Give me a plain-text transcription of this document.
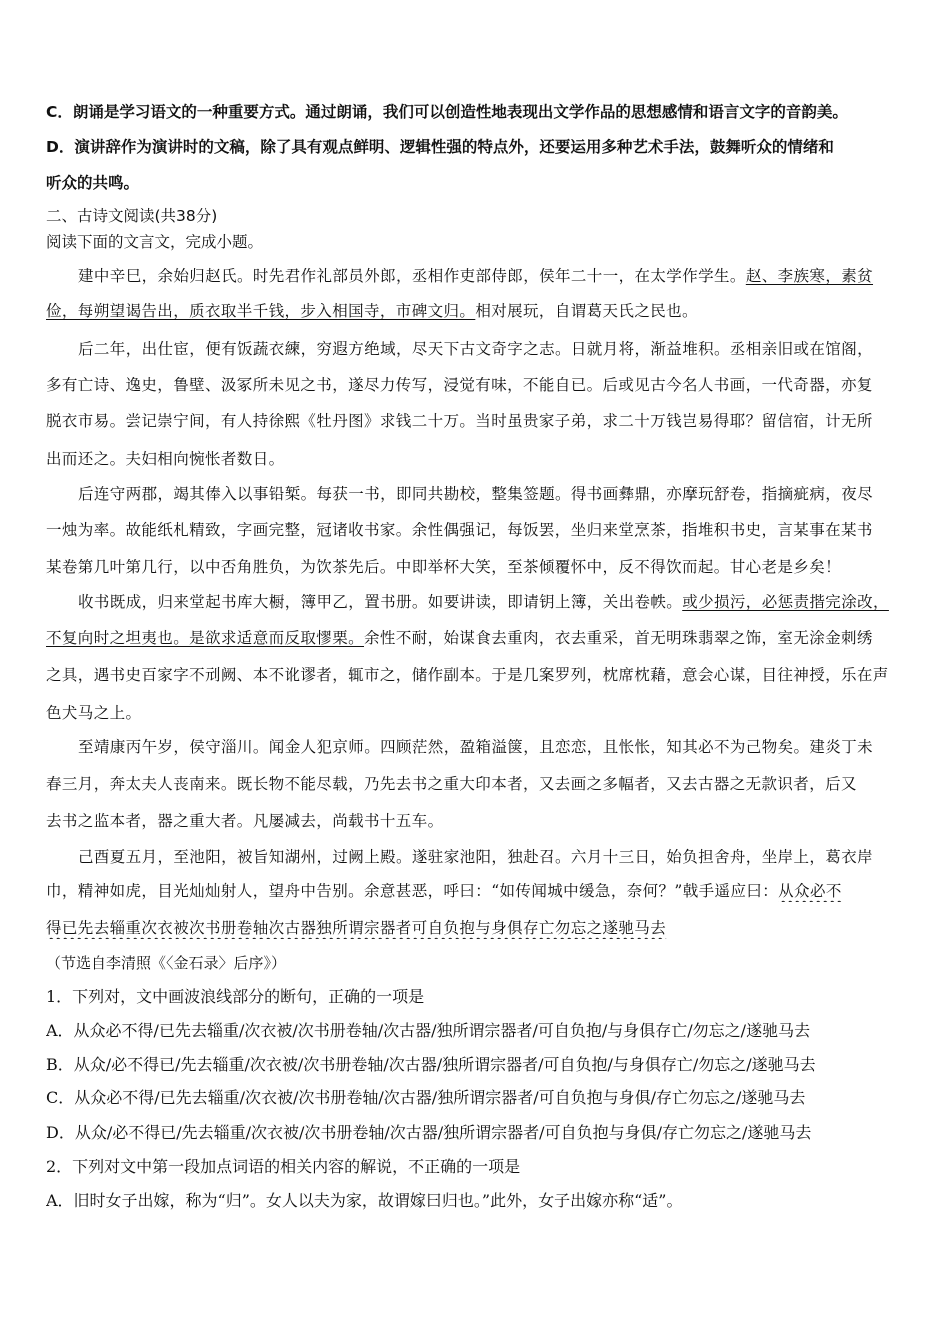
C．朗诵是学习语文的一种重要方式。通过朗诵，我们可以创造性地表现出文学作品的思想感情和语言文字的音韵美。
D．演讲辞作为演讲时的文稿，除了具有观点鲜明、逻辑性强的特点外，还要运用多种艺术手法，鼓舞听众的情绪和
听众的共鸣。
二、古诗文阅读(共38分)
阅读下面的文言文，完成小题。
建中辛巳，余始归赵氏。时先君作礼部员外郎，丞相作吏部侍郎，侯年二十一，在太学作学生。赵、李族寒，素贫
俭，每朔望谒告出，质衣取半千钱，步入相国寺，市碑文归。相对展玩，自谓葛天氏之民也。
后二年，出仕宦，便有饭蔬衣練，穷遐方绝域，尽天下古文奇字之志。日就月将，渐益堆积。丞相亲旧或在馆阁，
多有亡诗、逸史，鲁壁、汲冢所未见之书，遂尽力传写，浸觉有味，不能自已。后或见古今名人书画，一代奇器，亦复
脱衣市易。尝记崇宁间，有人持徐熙《牡丹图》求钱二十万。当时虽贵家子弟，求二十万钱岂易得耶？留信宿，计无所
出而还之。夫妇相向惋怅者数日。
后连守两郡，竭其俸入以事铅椠。每获一书，即同共勘校，整集签题。得书画彝鼎，亦摩玩舒卷，指摘疵病，夜尽
一烛为率。故能纸札精致，字画完整，冠诸收书家。余性偶强记，每饭罢，坐归来堂烹茶，指堆积书史，言某事在某书
某卷第几叶第几行，以中否角胜负，为饮茶先后。中即举杯大笑，至茶倾覆怀中，反不得饮而起。甘心老是乡矣！
收书既成，归来堂起书库大橱，簿甲乙，置书册。如要讲读，即请钥上簿，关出卷帙。或少损污，必惩责揩完涂改，
不复向时之坦夷也。是欲求适意而反取憀栗。余性不耐，始谋食去重肉，衣去重采，首无明珠翡翠之饰，室无涂金刺绣
之具，遇书史百家字不刓阙、本不讹谬者，辄市之，储作副本。于是几案罗列，枕席枕藉，意会心谋，目往神授，乐在声
色犬马之上。
至靖康丙午岁，侯守淄川。闻金人犯京师。四顾茫然，盈箱溢箧，且恋恋，且怅怅，知其必不为己物矣。建炎丁未
春三月，奔太夫人丧南来。既长物不能尽载，乃先去书之重大印本者，又去画之多幅者，又去古器之无款识者，后又
去书之监本者，器之重大者。凡屡减去，尚载书十五车。
己酉夏五月，至池阳，被旨知湖州，过阙上殿。遂驻家池阳，独赴召。六月十三日，始负担舍舟，坐岸上，葛衣岸
巾，精神如虎，目光灿灿射人，望舟中告别。余意甚恶，呼曰：“如传闻城中缓急，奈何？”戟手遥应曰：从众必不
得已先去辎重次衣被次书册卷轴次古器独所谓宗器者可自负抱与身俱存亡勿忘之遂驰马去
（节选自李清照《〈金石录〉后序》）
1．下列对，文中画波浪线部分的断句，正确的一项是
A．从众必不得/已先去辎重/次衣被/次书册卷轴/次古器/独所谓宗器者/可自负抱/与身俱存亡/勿忘之/遂驰马去
B．从众/必不得已/先去辎重/次衣被/次书册卷轴/次古器/独所谓宗器者/可自负抱/与身俱存亡/勿忘之/遂驰马去
C．从众必不得/已先去辎重/次衣被/次书册卷轴/次古器/独所谓宗器者/可自负抱与身俱/存亡勿忘之/遂驰马去
D．从众/必不得已/先去辎重/次衣被/次书册卷轴/次古器/独所谓宗器者/可自负抱与身俱/存亡勿忘之/遂驰马去
2．下列对文中第一段加点词语的相关内容的解说，不正确的一项是
A．旧时女子出嫁，称为“归”。女人以夫为家，故谓嫁曰归也。”此外，女子出嫁亦称“适”。
